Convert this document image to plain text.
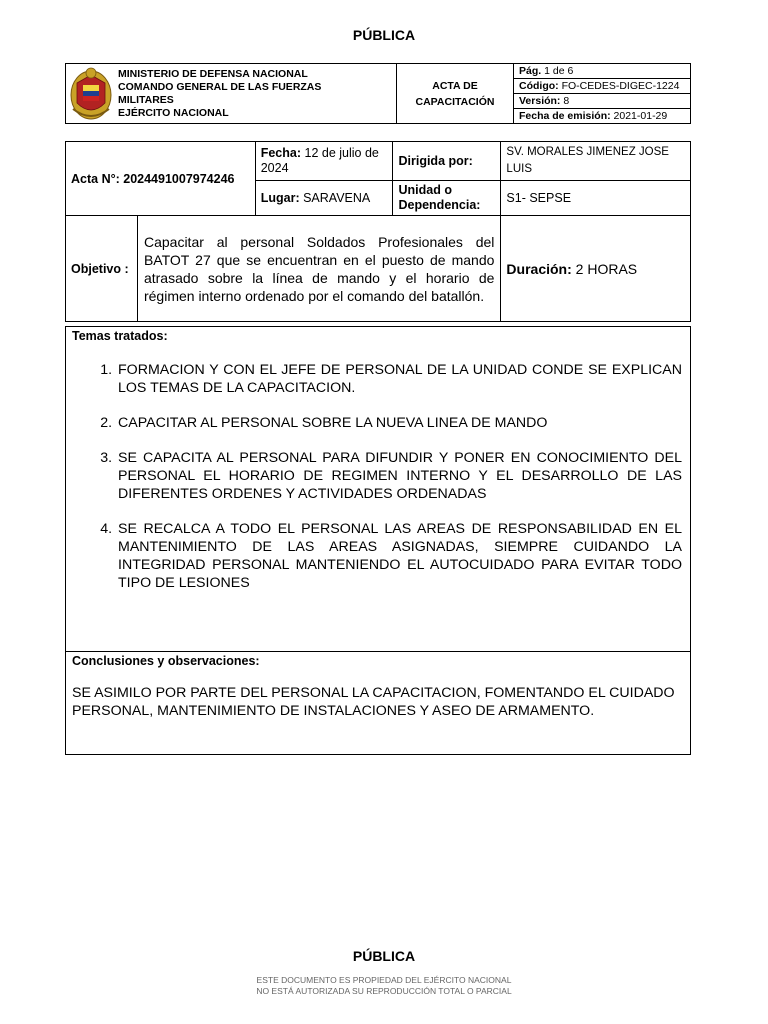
PÚBLICA
MINISTERIO DE DEFENSA NACIONAL
COMANDO GENERAL DE LAS FUERZAS
MILITARES
EJÉRCITO NACIONAL

ACTA DE
CAPACITACIÓN
	Pág. 1 de 6
Código: FO-CEDES-DIGEC-1224
Versión: 8
Fecha de emisión: 2021-01-29
Acta N°: 2024491007974246		Fecha: 12 de julio de 2024	Dirigida por:	SV. MORALES JIMENEZ JOSE LUIS
		Lugar: SARAVENA	Unidad o Dependencia:	S1- SEPSE
Objetivo :	Capacitar al personal Soldados Profesionales del BATOT 27 que se encuentran en el puesto de mando atrasado sobre la línea de mando y el horario de régimen interno ordenado por el comando del batallón.			Duración: 2 HORAS
Temas tratados:
1. FORMACION Y CON EL JEFE DE PERSONAL DE LA UNIDAD CONDE SE EXPLICAN LOS TEMAS DE LA CAPACITACION.
2. CAPACITAR AL PERSONAL SOBRE LA NUEVA LINEA DE MANDO
3. SE CAPACITA AL PERSONAL PARA DIFUNDIR Y PONER EN CONOCIMIENTO DEL PERSONAL EL HORARIO DE REGIMEN INTERNO Y EL DESARROLLO DE LAS DIFERENTES ORDENES Y ACTIVIDADES ORDENADAS
4. SE RECALCA A TODO EL PERSONAL LAS AREAS DE RESPONSABILIDAD EN EL MANTENIMIENTO DE LAS AREAS ASIGNADAS, SIEMPRE CUIDANDO LA INTEGRIDAD PERSONAL MANTENIENDO EL AUTOCUIDADO PARA EVITAR TODO TIPO DE LESIONES
Conclusiones y observaciones:
SE ASIMILO POR PARTE DEL PERSONAL LA CAPACITACION, FOMENTANDO EL CUIDADO PERSONAL, MANTENIMIENTO DE INSTALACIONES Y ASEO DE ARMAMENTO.
PÚBLICA
ESTE DOCUMENTO ES PROPIEDAD DEL EJÉRCITO NACIONAL
NO ESTÁ AUTORIZADA SU REPRODUCCIÓN TOTAL O PARCIAL
